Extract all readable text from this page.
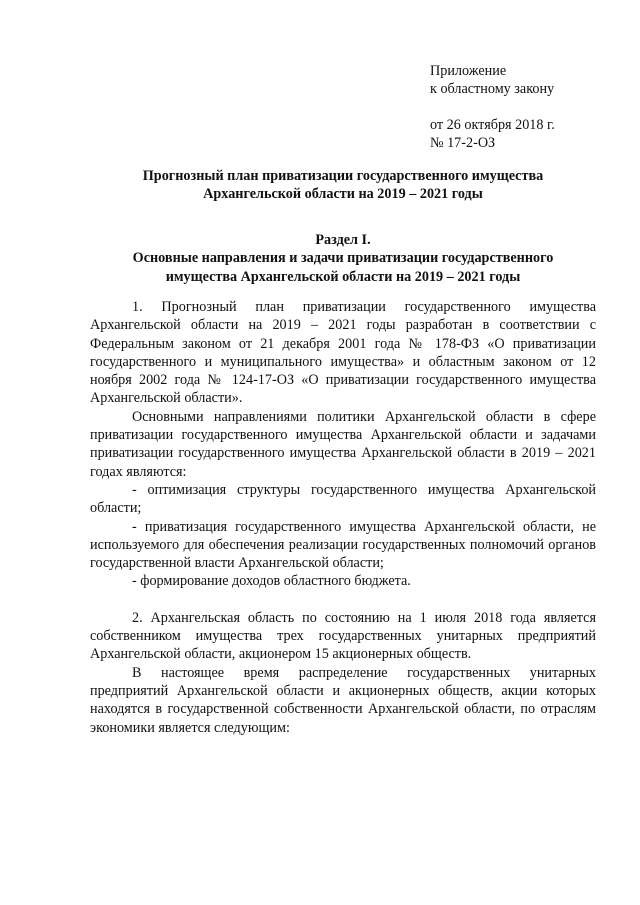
Приложение
к областному закону
от 26 октября 2018 г.
№ 17-2-ОЗ
Прогнозный план приватизации государственного имущества
Архангельской области на 2019 – 2021 годы
Раздел I.
Основные направления и задачи приватизации государственного
имущества Архангельской области на 2019 – 2021 годы

1. Прогнозный план приватизации государственного имущества Архангельской области на 2019 – 2021 годы разработан в соответствии с Федеральным законом от 21 декабря 2001 года № 178-ФЗ «О приватизации государственного и муниципального имущества» и областным законом от 12 ноября 2002 года № 124-17-ОЗ «О приватизации государственного имущества Архангельской области».

Основными направлениями политики Архангельской области в сфере приватизации государственного имущества Архангельской области и задачами приватизации государственного имущества Архангельской области в 2019 – 2021 годах являются:

- оптимизация структуры государственного имущества Архангельской области;

- приватизация государственного имущества Архангельской области, не используемого для обеспечения реализации государственных полномочий органов государственной власти Архангельской области;

- формирование доходов областного бюджета.

2. Архангельская область по состоянию на 1 июля 2018 года является собственником имущества трех государственных унитарных предприятий Архангельской области, акционером 15 акционерных обществ.

В настоящее время распределение государственных унитарных предприятий Архангельской области и акционерных обществ, акции которых находятся в государственной собственности Архангельской области, по отраслям экономики является следующим:
